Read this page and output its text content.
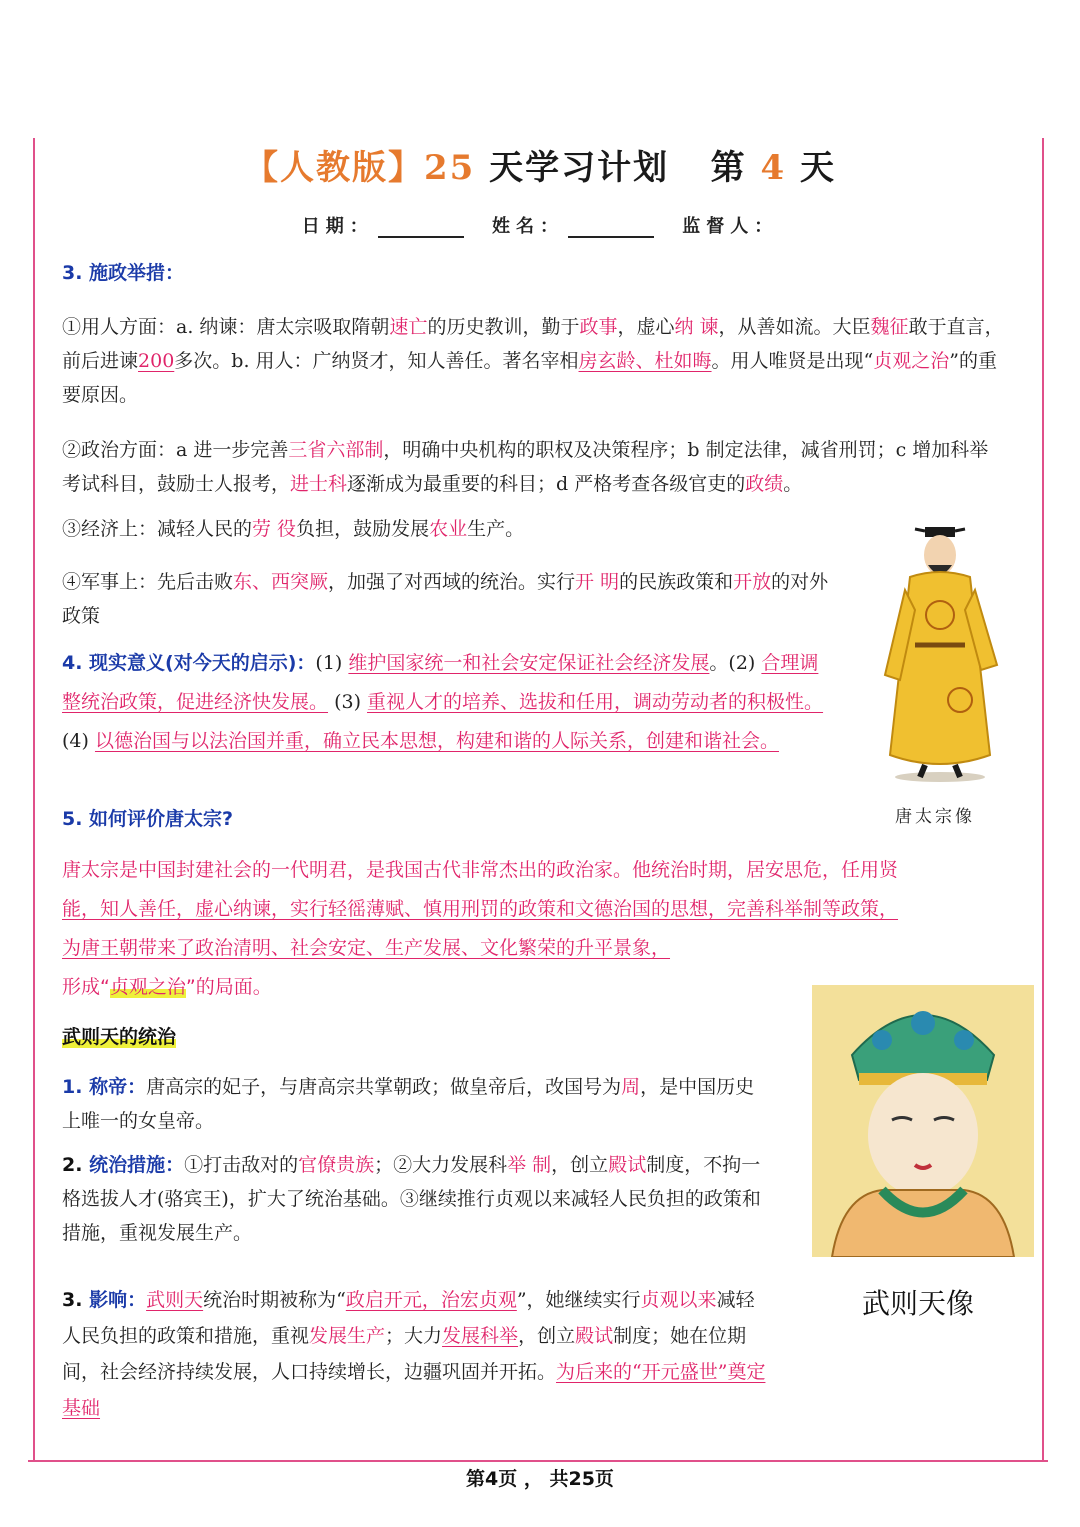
【人教版】25 天学习计划 第 4 天
日期：	姓名：	监督人：
3. 施政举措：
①用人方面：a. 纳谏：唐太宗吸取隋朝速亡的历史教训，勤于政事，虚心纳 谏，从善如流。大臣魏征敢于直言，前后进谏200多次。b. 用人：广纳贤才，知人善任。著名宰相房玄龄、杜如晦。用人唯贤是出现“贞观之治”的重要原因。
②政治方面：a 进一步完善三省六部制，明确中央机构的职权及决策程序；b 制定法律，减省刑罚；c 增加科举考试科目，鼓励士人报考，进士科逐渐成为最重要的科目；d 严格考查各级官吏的政绩。
③经济上：减轻人民的劳 役负担，鼓励发展农业生产。
④军事上：先后击败东、西突厥，加强了对西域的统治。实行开 明的民族政策和开放的对外政策
4. 现实意义(对今天的启示)：(1) 维护国家统一和社会安定保证社会经济发展。(2) 合理调整统治政策，促进经济快发展。 (3) 重视人才的培养、选拔和任用，调动劳动者的积极性。 (4) 以德治国与以法治国并重，确立民本思想，构建和谐的人际关系，创建和谐社会。
唐太宗像
5. 如何评价唐太宗?
唐太宗是中国封建社会的一代明君，是我国古代非常杰出的政治家。他统治时期，居安思危，任用贤
能，知人善任，虚心纳谏，实行轻徭薄赋、慎用刑罚的政策和文德治国的思想，完善科举制等政策，
为唐王朝带来了政治清明、社会安定、生产发展、文化繁荣的升平景象，
形成“贞观之治”的局面。
武则天的统治
1. 称帝：唐高宗的妃子，与唐高宗共掌朝政；做皇帝后，改国号为周，是中国历史上唯一的女皇帝。
2. 统治措施：①打击敌对的官僚贵族；②大力发展科举 制，创立殿试制度，不拘一格选拔人才(骆宾王)，扩大了统治基础。③继续推行贞观以来减轻人民负担的政策和措施，重视发展生产。
武则天像
3. 影响：武则天统治时期被称为“政启开元，治宏贞观”，她继续实行贞观以来减轻人民负担的政策和措施，重视发展生产；大力发展科举，创立殿试制度；她在位期间，社会经济持续发展，人口持续增长，边疆巩固并开拓。为后来的“开元盛世”奠定基础
第4页 ， 共25页
